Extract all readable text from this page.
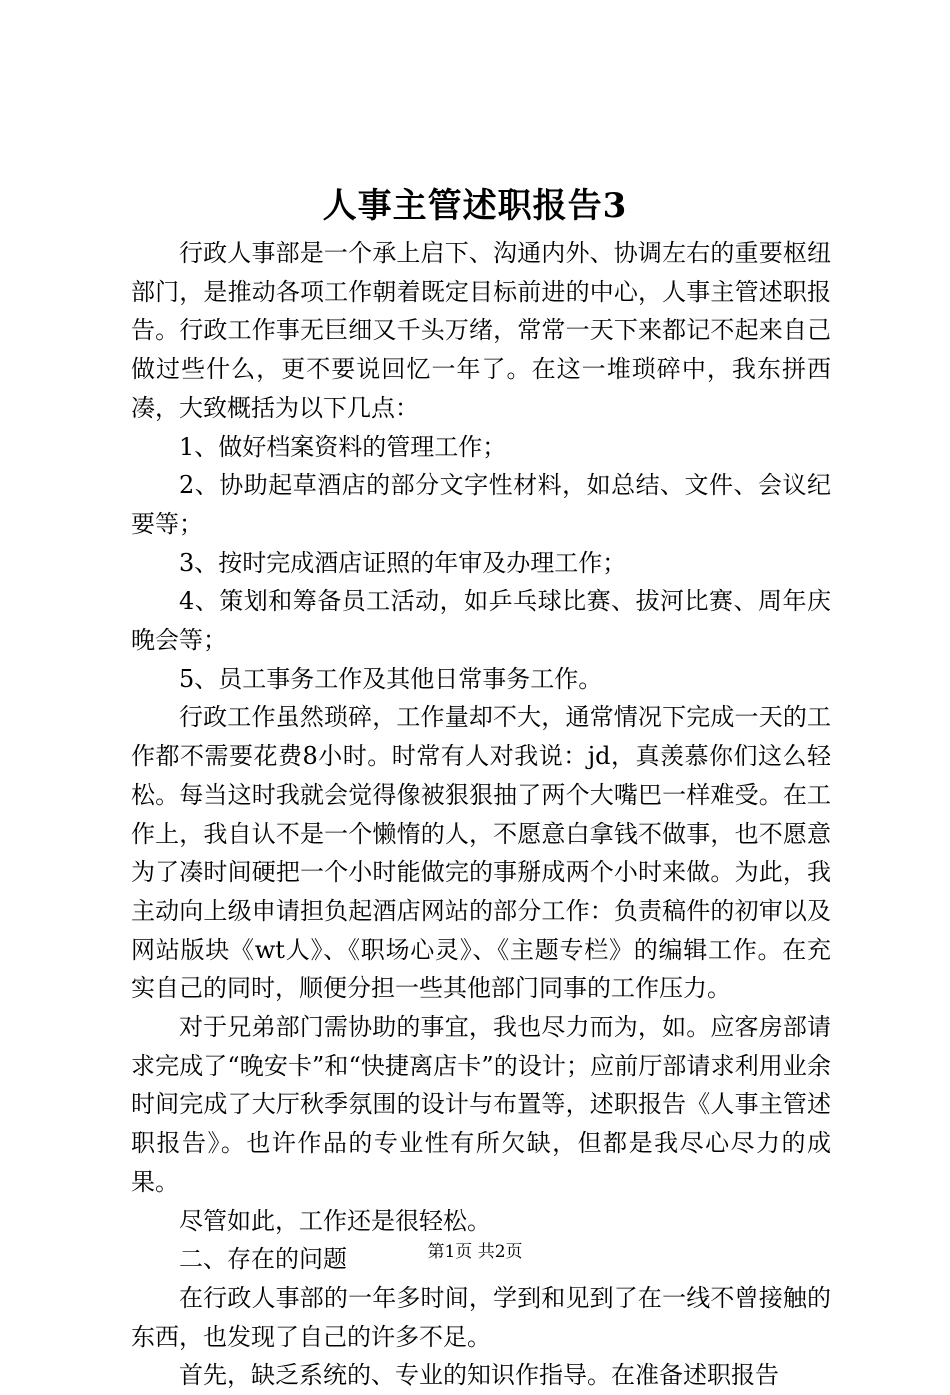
人事主管述职报告3

行政人事部是一个承上启下、沟通内外、协调左右的重要枢纽部门，是推动各项工作朝着既定目标前进的中心，人事主管述职报告。行政工作事无巨细又千头万绪，常常一天下来都记不起来自己做过些什么，更不要说回忆一年了。在这一堆琐碎中，我东拼西凑，大致概括为以下几点：

1、做好档案资料的管理工作；

2、协助起草酒店的部分文字性材料，如总结、文件、会议纪要等；

3、按时完成酒店证照的年审及办理工作；

4、策划和筹备员工活动，如乒乓球比赛、拔河比赛、周年庆晚会等；

5、员工事务工作及其他日常事务工作。

行政工作虽然琐碎，工作量却不大，通常情况下完成一天的工作都不需要花费8小时。时常有人对我说：jd，真羡慕你们这么轻松。每当这时我就会觉得像被狠狠抽了两个大嘴巴一样难受。在工作上，我自认不是一个懒惰的人，不愿意白拿钱不做事，也不愿意为了凑时间硬把一个小时能做完的事掰成两个小时来做。为此，我主动向上级申请担负起酒店网站的部分工作：负责稿件的初审以及网站版块《wt人》、《职场心灵》、《主题专栏》的编辑工作。在充实自己的同时，顺便分担一些其他部门同事的工作压力。

对于兄弟部门需协助的事宜，我也尽力而为，如。应客房部请求完成了“晚安卡”和“快捷离店卡”的设计；应前厅部请求利用业余时间完成了大厅秋季氛围的设计与布置等，述职报告《人事主管述职报告》。也许作品的专业性有所欠缺，但都是我尽心尽力的成果。

尽管如此，工作还是很轻松。

二、存在的问题

在行政人事部的一年多时间，学到和见到了在一线不曾接触的东西，也发现了自己的许多不足。

首先，缺乏系统的、专业的知识作指导。在准备述职报告

第1页 共2页
